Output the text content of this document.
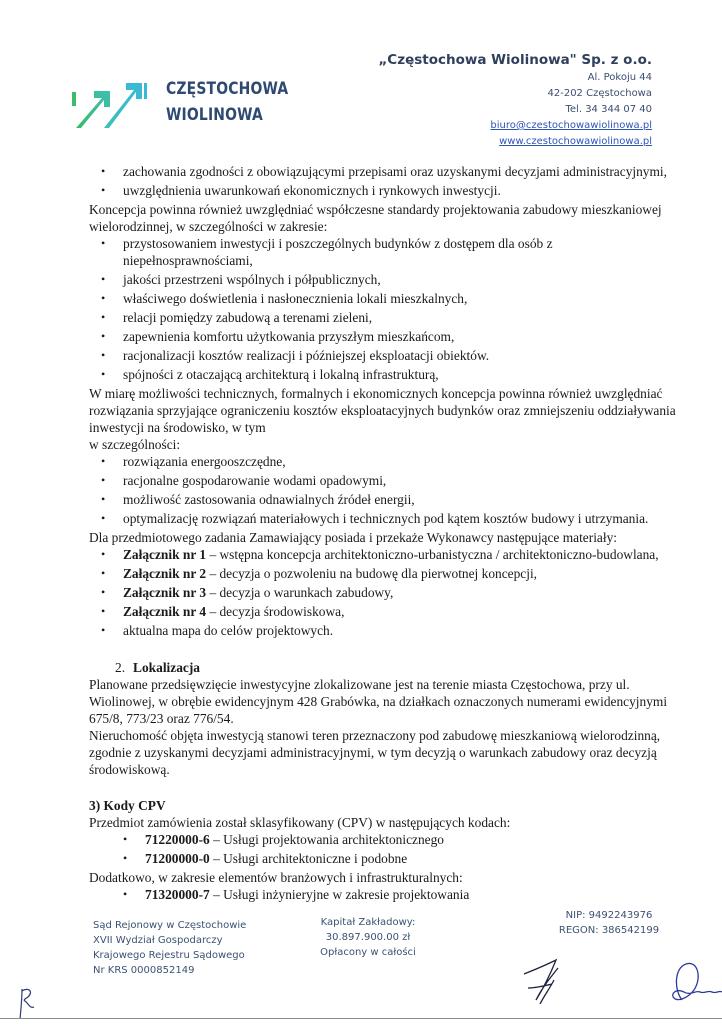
CZĘSTOCHOWA
WIOLINOWA
„Częstochowa Wiolinowa" Sp. z o.o.
Al. Pokoju 44
42-202 Częstochowa
Tel. 34 344 07 40
biuro@czestochowawiolinowa.pl
www.czestochowawiolinowa.pl
• zachowania zgodności z obowiązującymi przepisami oraz uzyskanymi decyzjami administracyjnymi,
• uwzględnienia uwarunkowań ekonomicznych i rynkowych inwestycji.

Koncepcja powinna również uwzględniać współczesne standardy projektowania zabudowy mieszkaniowej wielorodzinnej, w szczególności w zakresie:

• przystosowaniem inwestycji i poszczególnych budynków z dostępem dla osób z niepełnosprawnościami,
• jakości przestrzeni wspólnych i półpublicznych,
• właściwego doświetlenia i nasłonecznienia lokali mieszkalnych,
• relacji pomiędzy zabudową a terenami zieleni,
• zapewnienia komfortu użytkowania przyszłym mieszkańcom,
• racjonalizacji kosztów realizacji i późniejszej eksploatacji obiektów.
• spójności z otaczającą architekturą i lokalną infrastrukturą,

W miarę możliwości technicznych, formalnych i ekonomicznych koncepcja powinna również uwzględniać rozwiązania sprzyjające ograniczeniu kosztów eksploatacyjnych budynków oraz zmniejszeniu oddziaływania inwestycji na środowisko, w tym

w szczególności:

• rozwiązania energooszczędne,
• racjonalne gospodarowanie wodami opadowymi,
• możliwość zastosowania odnawialnych źródeł energii,
• optymalizację rozwiązań materiałowych i technicznych pod kątem kosztów budowy i utrzymania.

Dla przedmiotowego zadania Zamawiający posiada i przekaże Wykonawcy następujące materiały:

• Załącznik nr 1 – wstępna koncepcja architektoniczno-urbanistyczna / architektoniczno-budowlana,
• Załącznik nr 2 – decyzja o pozwoleniu na budowę dla pierwotnej koncepcji,
• Załącznik nr 3 – decyzja o warunkach zabudowy,
• Załącznik nr 4 – decyzja środowiskowa,
• aktualna mapa do celów projektowych.

2. Lokalizacja

Planowane przedsięwzięcie inwestycyjne zlokalizowane jest na terenie miasta Częstochowa, przy ul. Wiolinowej, w obrębie ewidencyjnym 428 Grabówka, na działkach oznaczonych numerami ewidencyjnymi 675/8, 773/23 oraz 776/54.

Nieruchomość objęta inwestycją stanowi teren przeznaczony pod zabudowę mieszkaniową wielorodzinną, zgodnie z uzyskanymi decyzjami administracyjnymi, w tym decyzją o warunkach zabudowy oraz decyzją środowiskową.

3) Kody CPV

Przedmiot zamówienia został sklasyfikowany (CPV) w następujących kodach:

• 71220000-6 – Usługi projektowania architektonicznego
• 71200000-0 – Usługi architektoniczne i podobne

Dodatkowo, w zakresie elementów branżowych i infrastrukturalnych:

• 71320000-7 – Usługi inżynieryjne w zakresie projektowania
Sąd Rejonowy w Częstochowie
XVII Wydział Gospodarczy
Krajowego Rejestru Sądowego
Nr KRS 0000852149
Kapitał Zakładowy:
30.897.900.00 zł
Opłacony w całości
NIP: 9492243976
REGON: 386542199
